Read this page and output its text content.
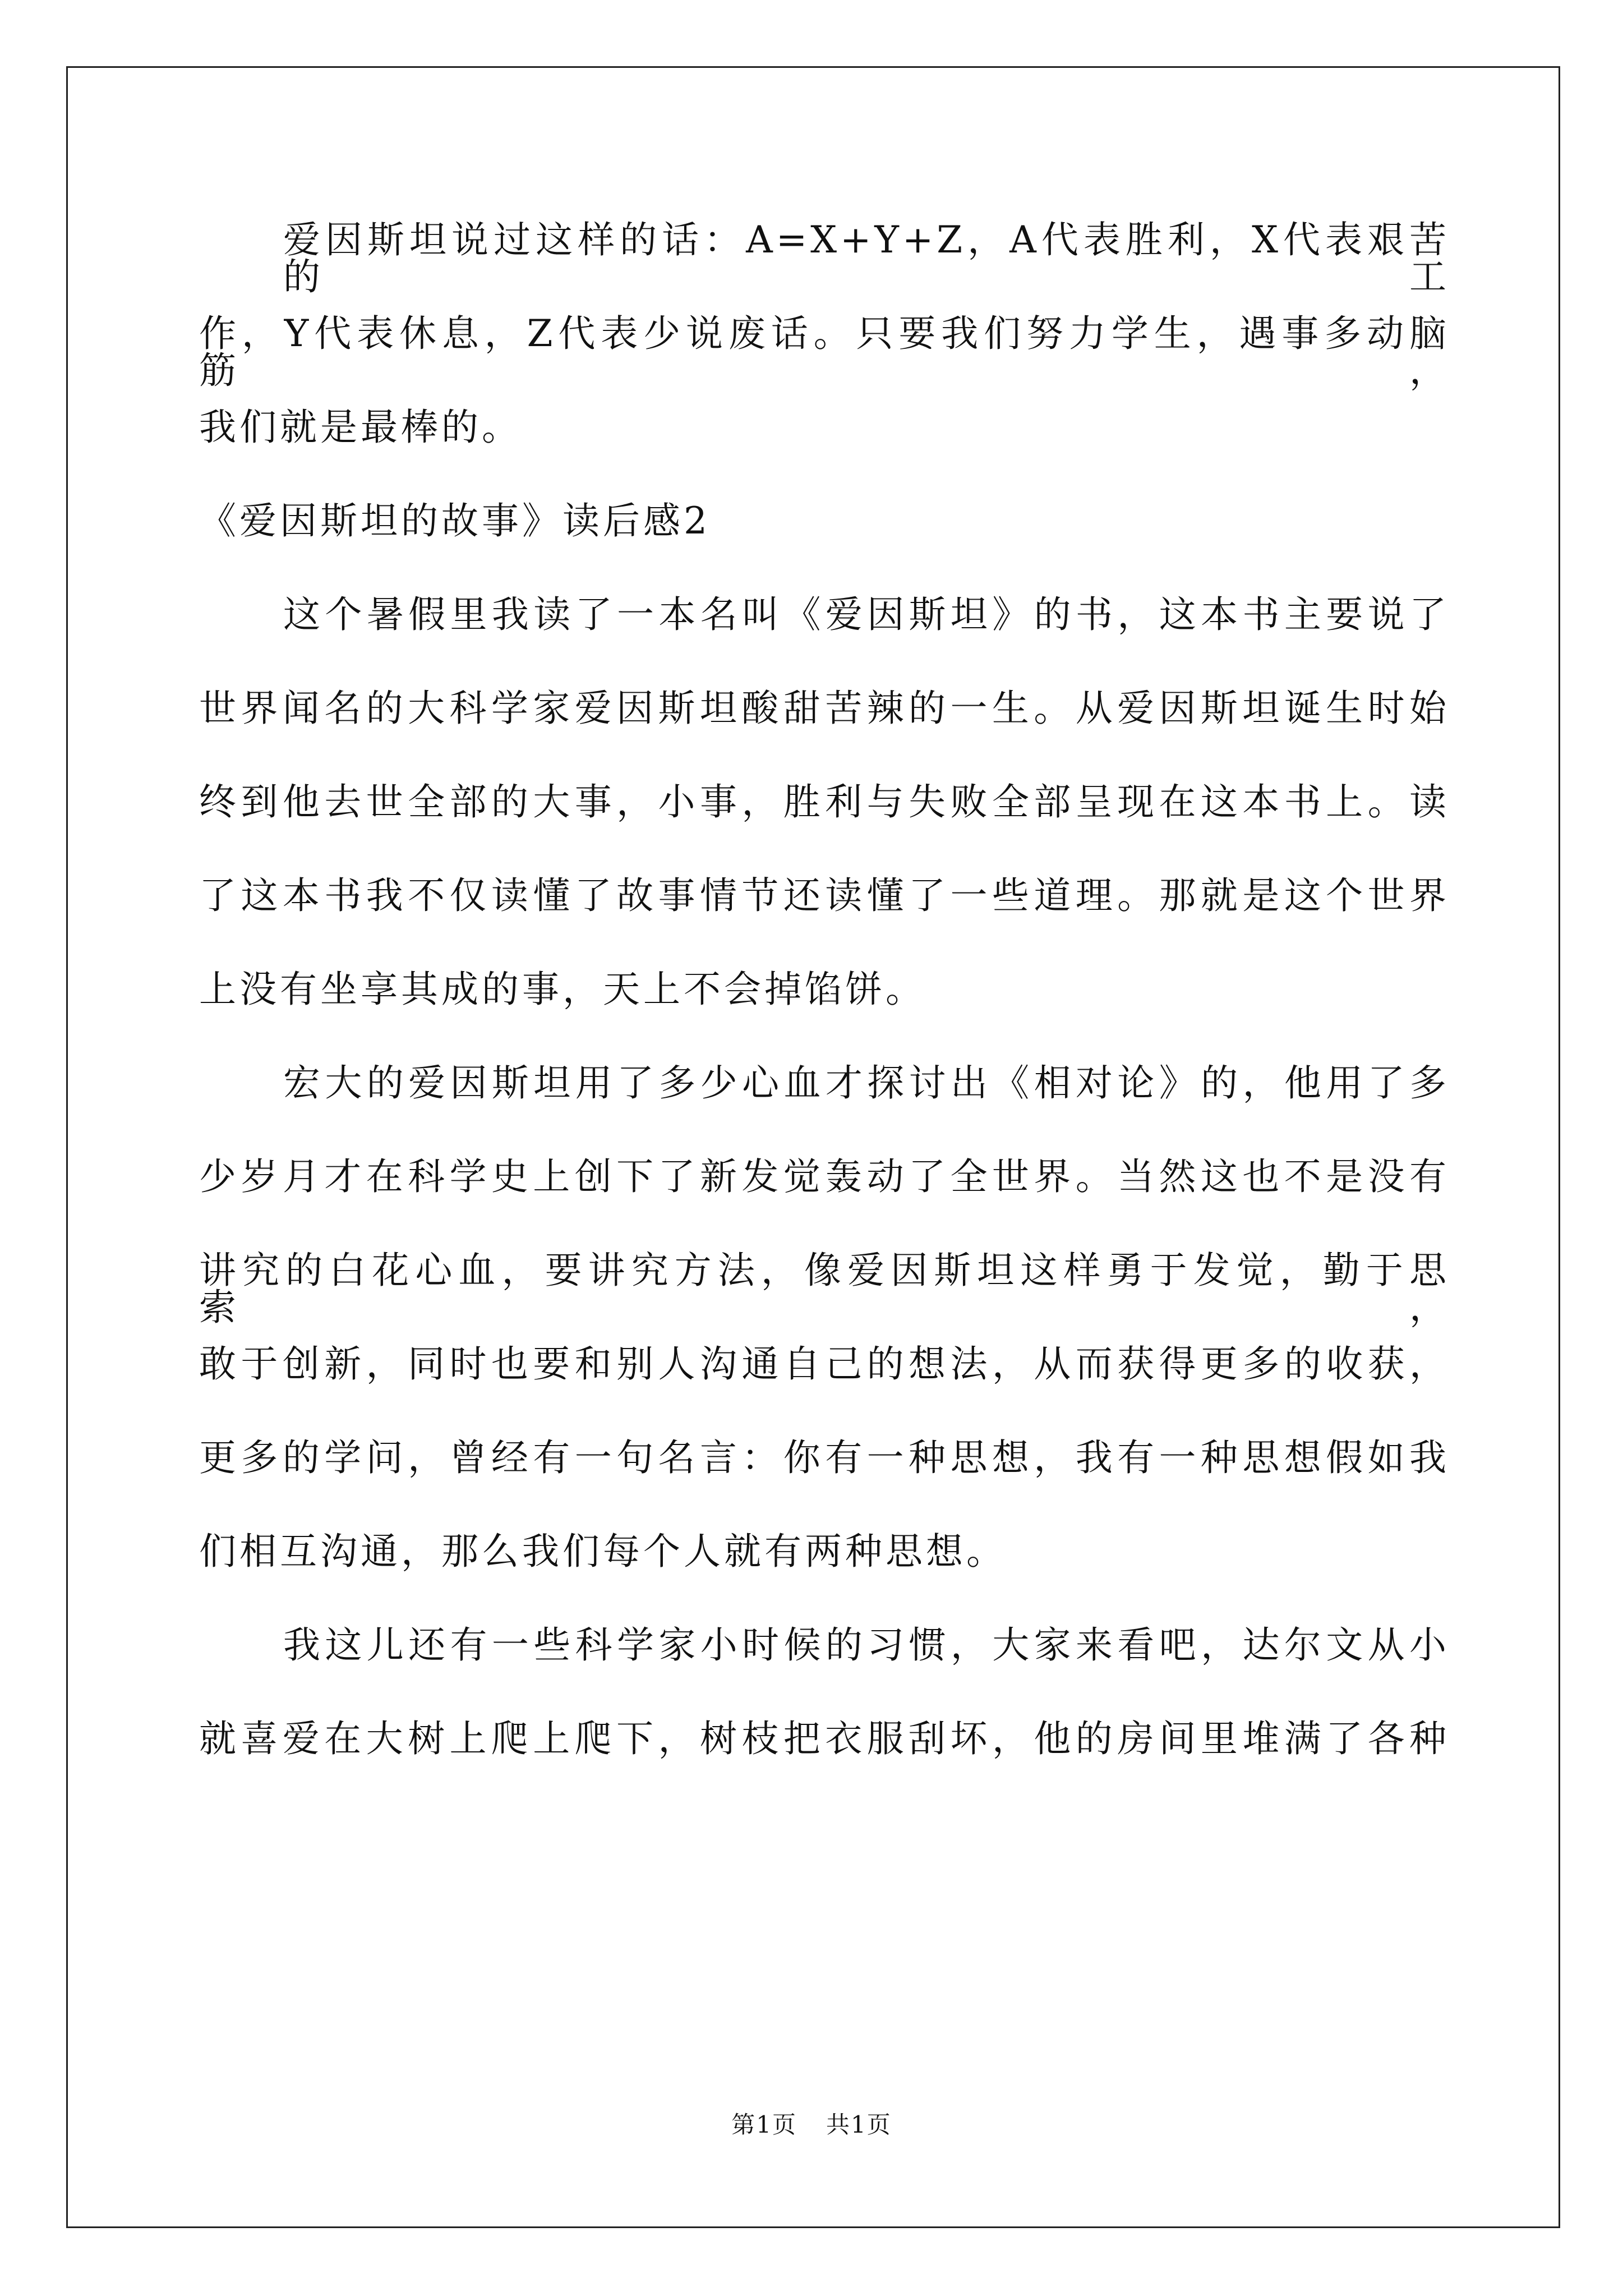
爱因斯坦说过这样的话：A=X+Y+Z，A代表胜利，X代表艰苦的工

作，Y代表休息，Z代表少说废话。只要我们努力学生，遇事多动脑筋，

我们就是最棒的。

《爱因斯坦的故事》读后感2

这个暑假里我读了一本名叫《爱因斯坦》的书，这本书主要说了

世界闻名的大科学家爱因斯坦酸甜苦辣的一生。从爱因斯坦诞生时始

终到他去世全部的大事，小事，胜利与失败全部呈现在这本书上。读

了这本书我不仅读懂了故事情节还读懂了一些道理。那就是这个世界

上没有坐享其成的事，天上不会掉馅饼。

宏大的爱因斯坦用了多少心血才探讨出《相对论》的，他用了多

少岁月才在科学史上创下了新发觉轰动了全世界。当然这也不是没有

讲究的白花心血，要讲究方法，像爱因斯坦这样勇于发觉，勤于思索，

敢于创新，同时也要和别人沟通自己的想法，从而获得更多的收获，

更多的学问，曾经有一句名言：你有一种思想，我有一种思想假如我

们相互沟通，那么我们每个人就有两种思想。

我这儿还有一些科学家小时候的习惯，大家来看吧，达尔文从小

就喜爱在大树上爬上爬下，树枝把衣服刮坏，他的房间里堆满了各种

第1页 共1页
